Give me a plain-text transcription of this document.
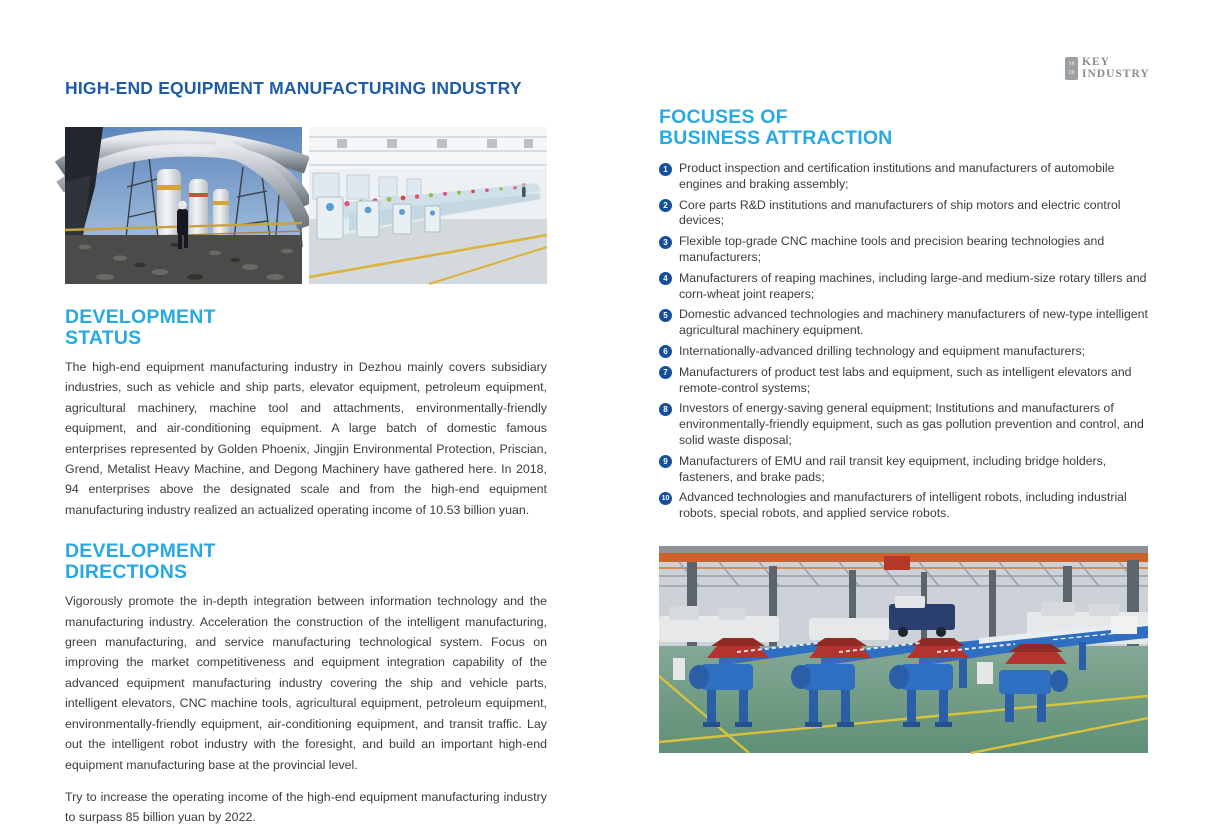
HIGH-END EQUIPMENT MANUFACTURING INDUSTRY
DEVELOPMENT
STATUS
The high-end equipment manufacturing industry in Dezhou mainly covers subsidiary industries, such as vehicle and ship parts, elevator equipment, petroleum equipment, agricultural machinery, machine tool and attachments, environmentally-friendly equipment, and air-conditioning equipment. A large batch of domestic famous enterprises represented by Golden Phoenix, Jingjin Environmental Protection, Priscian, Grend, Metalist Heavy Machine, and Degong Machinery have gathered here. In 2018, 94 enterprises above the designated scale and from the high-end equipment manufacturing industry realized an actualized operating income of 10.53 billion yuan.
DEVELOPMENT
DIRECTIONS
Vigorously promote the in-depth integration between information technology and the manufacturing industry. Acceleration the construction of the intelligent manufacturing, green manufacturing, and service manufacturing technological system. Focus on improving the market competitiveness and equipment integration capability of the advanced equipment manufacturing industry covering the ship and vehicle parts, intelligent elevators, CNC machine tools, agricultural equipment, petroleum equipment, environmentally-friendly equipment, air-conditioning equipment, and transit traffic. Lay out the intelligent robot industry with the foresight, and build an important high-end equipment manufacturing base at the provincial level.
Try to increase the operating income of the high-end equipment manufacturing industry to surpass 85 billion yuan by 2022.
10
20
KEY
INDUSTRY
FOCUSES OF
BUSINESS ATTRACTION
1 Product inspection and certification institutions and manufacturers of automobile engines and braking assembly;
2 Core parts R&D institutions and manufacturers of ship motors and electric control devices;
3 Flexible top-grade CNC machine tools and precision bearing technologies and manufacturers;
4 Manufacturers of reaping machines, including large-and medium-size rotary tillers and corn-wheat joint reapers;
5 Domestic advanced technologies and machinery manufacturers of new-type intelligent agricultural machinery equipment.
6 Internationally-advanced drilling technology and equipment manufacturers;
7 Manufacturers of product test labs and equipment, such as intelligent elevators and remote-control systems;
8 Investors of energy-saving general equipment; Institutions and manufacturers of environmentally-friendly equipment, such as gas pollution prevention and control, and solid waste disposal;
9 Manufacturers of EMU and rail transit key equipment, including bridge holders, fasteners, and brake pads;
10 Advanced technologies and manufacturers of intelligent robots, including industrial robots, special robots, and applied service robots.
